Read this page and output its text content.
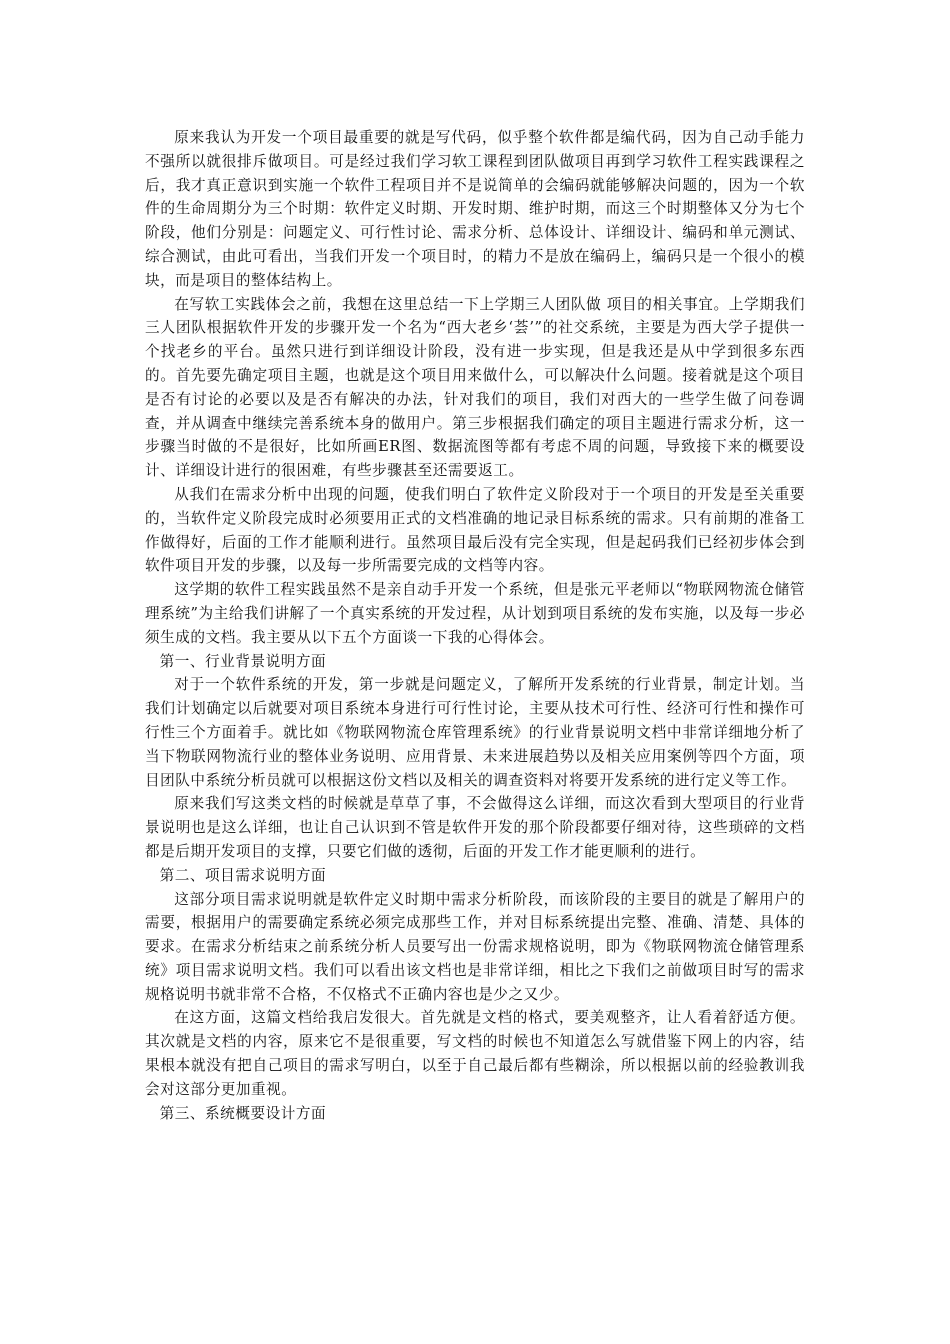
原来我认为开发一个项目最重要的就是写代码，似乎整个软件都是编代码，因为自己动手能力不强所以就很排斥做项目。可是经过我们学习软工课程到团队做项目再到学习软件工程实践课程之后，我才真正意识到实施一个软件工程项目并不是说简单的会编码就能够解决问题的，因为一个软件的生命周期分为三个时期：软件定义时期、开发时期、维护时期，而这三个时期整体又分为七个阶段，他们分别是：问题定义、可行性讨论、需求分析、总体设计、详细设计、编码和单元测试、综合测试，由此可看出，当我们开发一个项目时，的精力不是放在编码上，编码只是一个很小的模块，而是项目的整体结构上。

在写软工实践体会之前，我想在这里总结一下上学期三人团队做 项目的相关事宜。上学期我们三人团队根据软件开发的步骤开发一个名为“西大老乡‘荟’”的社交系统，主要是为西大学子提供一个找老乡的平台。虽然只进行到详细设计阶段，没有进一步实现，但是我还是从中学到很多东西的。首先要先确定项目主题，也就是这个项目用来做什么，可以解决什么问题。接着就是这个项目是否有讨论的必要以及是否有解决的办法，针对我们的项目，我们对西大的一些学生做了问卷调查，并从调查中继续完善系统本身的做用户。第三步根据我们确定的项目主题进行需求分析，这一步骤当时做的不是很好，比如所画ER图、数据流图等都有考虑不周的问题，导致接下来的概要设计、详细设计进行的很困难，有些步骤甚至还需要返工。

从我们在需求分析中出现的问题，使我们明白了软件定义阶段对于一个项目的开发是至关重要的，当软件定义阶段完成时必须要用正式的文档准确的地记录目标系统的需求。只有前期的准备工作做得好，后面的工作才能顺利进行。虽然项目最后没有完全实现，但是起码我们已经初步体会到软件项目开发的步骤，以及每一步所需要完成的文档等内容。

这学期的软件工程实践虽然不是亲自动手开发一个系统，但是张元平老师以“物联网物流仓储管理系统”为主给我们讲解了一个真实系统的开发过程，从计划到项目系统的发布实施，以及每一步必须生成的文档。我主要从以下五个方面谈一下我的心得体会。

第一、行业背景说明方面

对于一个软件系统的开发，第一步就是问题定义，了解所开发系统的行业背景，制定计划。当我们计划确定以后就要对项目系统本身进行可行性讨论，主要从技术可行性、经济可行性和操作可行性三个方面着手。就比如《物联网物流仓库管理系统》的行业背景说明文档中非常详细地分析了当下物联网物流行业的整体业务说明、应用背景、未来进展趋势以及相关应用案例等四个方面，项目团队中系统分析员就可以根据这份文档以及相关的调查资料对将要开发系统的进行定义等工作。

原来我们写这类文档的时候就是草草了事，不会做得这么详细，而这次看到大型项目的行业背景说明也是这么详细，也让自己认识到不管是软件开发的那个阶段都要仔细对待，这些琐碎的文档都是后期开发项目的支撑，只要它们做的透彻，后面的开发工作才能更顺利的进行。

第二、项目需求说明方面

这部分项目需求说明就是软件定义时期中需求分析阶段，而该阶段的主要目的就是了解用户的需要，根据用户的需要确定系统必须完成那些工作，并对目标系统提出完整、准确、清楚、具体的要求。在需求分析结束之前系统分析人员要写出一份需求规格说明，即为《物联网物流仓储管理系统》项目需求说明文档。我们可以看出该文档也是非常详细，相比之下我们之前做项目时写的需求规格说明书就非常不合格，不仅格式不正确内容也是少之又少。

在这方面，这篇文档给我启发很大。首先就是文档的格式，要美观整齐，让人看着舒适方便。其次就是文档的内容，原来它不是很重要，写文档的时候也不知道怎么写就借鉴下网上的内容，结果根本就没有把自己项目的需求写明白，以至于自己最后都有些糊涂，所以根据以前的经验教训我会对这部分更加重视。

第三、系统概要设计方面
